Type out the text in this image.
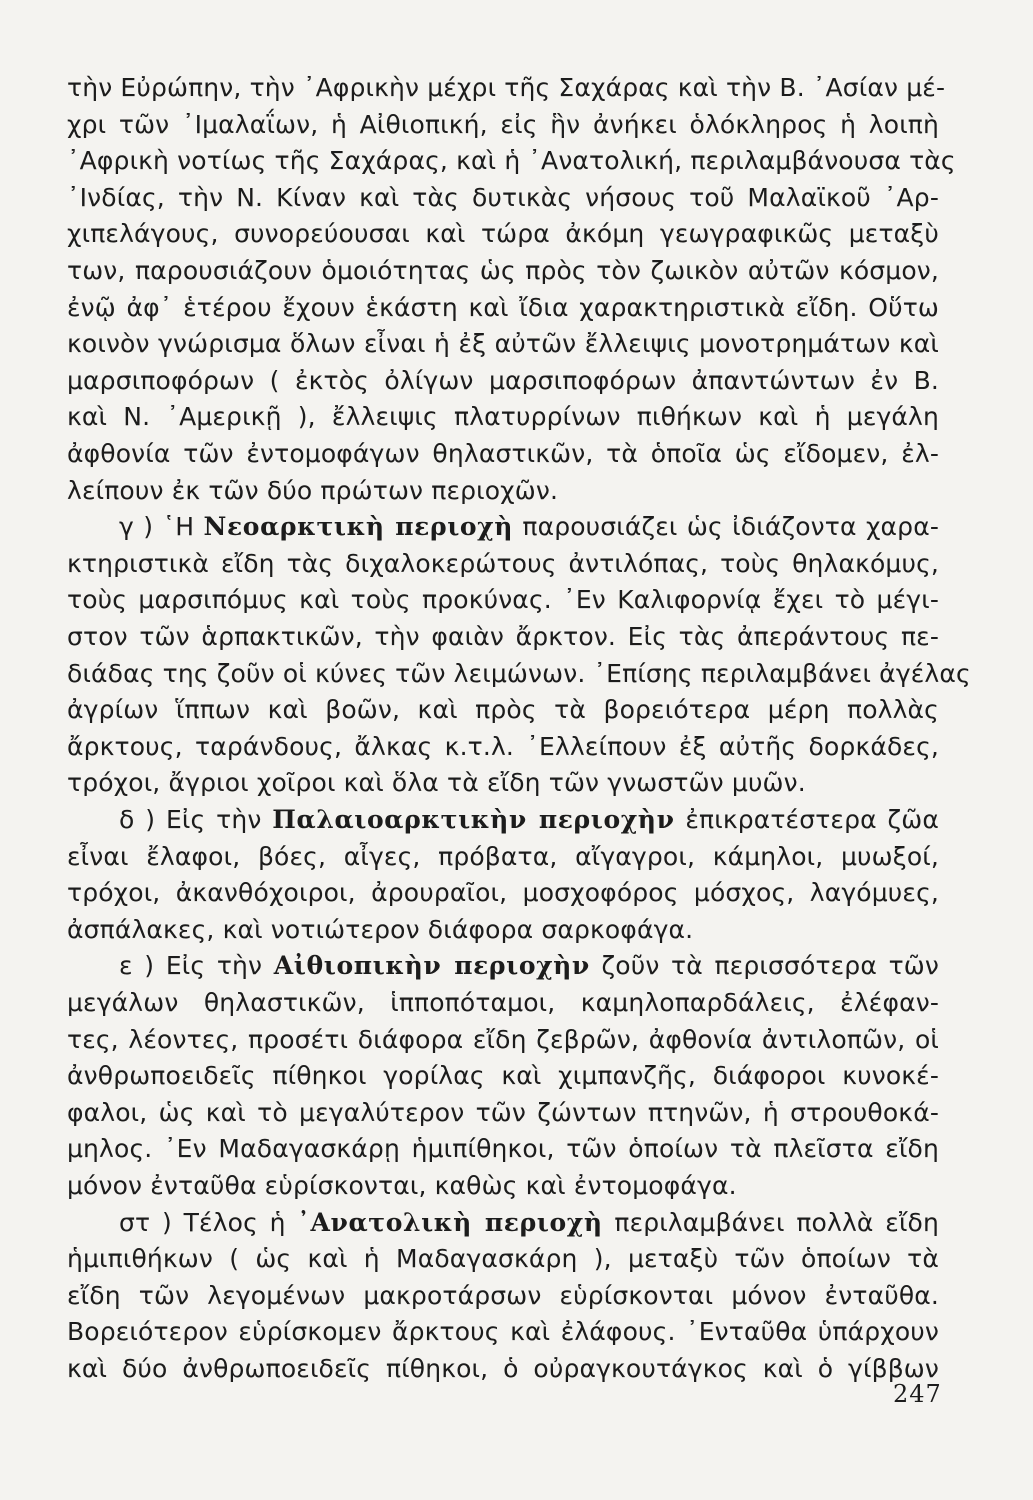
τὴν Εὐρώπην, τὴν ᾿Αφρικὴν μέχρι τῆς Σαχάρας καὶ τὴν Β. ᾿Ασίαν μέ-
χρι τῶν ᾿Ιμαλαΐων, ἡ Αἰθιοπική, εἰς ἣν ἀνήκει ὁλόκληρος ἡ λοιπὴ
᾿Αφρικὴ νοτίως τῆς Σαχάρας, καὶ ἡ ᾿Ανατολική, περιλαμβάνουσα τὰς
᾿Ινδίας, τὴν Ν. Κίναν καὶ τὰς δυτικὰς νήσους τοῦ Μαλαϊκοῦ ᾿Αρ-
χιπελάγους, συνορεύουσαι καὶ τώρα ἀκόμη γεωγραφικῶς μεταξὺ
των, παρουσιάζουν ὁμοιότητας ὡς πρὸς τὸν ζωικὸν αὐτῶν κόσμον,
ἐνῷ ἀφ᾿ ἑτέρου ἔχουν ἑκάστη καὶ ἴδια χαρακτηριστικὰ εἴδη. Οὕτω
κοινὸν γνώρισμα ὅλων εἶναι ἡ ἐξ αὐτῶν ἔλλειψις μονοτρημάτων καὶ
μαρσιποφόρων ( ἐκτὸς ὀλίγων μαρσιποφόρων ἀπαντώντων ἐν Β.
καὶ Ν. ᾿Αμερικῇ ), ἔλλειψις πλατυρρίνων πιθήκων καὶ ἡ μεγάλη
ἀφθονία τῶν ἐντομοφάγων θηλαστικῶν, τὰ ὁποῖα ὡς εἴδομεν, ἐλ-
λείπουν ἐκ τῶν δύο πρώτων περιοχῶν.
γ ) ῾Η Νεοαρκτικὴ περιοχὴ παρουσιάζει ὡς ἰδιάζοντα χαρα-
κτηριστικὰ εἴδη τὰς διχαλοκερώτους ἀντιλόπας, τοὺς θηλακόμυς,
τοὺς μαρσιπόμυς καὶ τοὺς προκύνας. ᾿Εν Καλιφορνίᾳ ἔχει τὸ μέγι-
στον τῶν ἁρπακτικῶν, τὴν φαιὰν ἄρκτον. Εἰς τὰς ἀπεράντους πε-
διάδας της ζοῦν οἱ κύνες τῶν λειμώνων. ᾿Επίσης περιλαμβάνει ἀγέλας
ἀγρίων ἵππων καὶ βοῶν, καὶ πρὸς τὰ βορειότερα μέρη πολλὰς
ἄρκτους, ταράνδους, ἄλκας κ.τ.λ. ᾿Ελλείπουν ἐξ αὐτῆς δορκάδες,
τρόχοι, ἄγριοι χοῖροι καὶ ὅλα τὰ εἴδη τῶν γνωστῶν μυῶν.
δ ) Εἰς τὴν Παλαιοαρκτικὴν περιοχὴν ἐπικρατέστερα ζῶα
εἶναι ἔλαφοι, βόες, αἶγες, πρόβατα, αἴγαγροι, κάμηλοι, μυωξοί,
τρόχοι, ἀκανθόχοιροι, ἀρουραῖοι, μοσχοφόρος μόσχος, λαγόμυες,
ἀσπάλακες, καὶ νοτιώτερον διάφορα σαρκοφάγα.
ε ) Εἰς τὴν Αἰθιοπικὴν περιοχὴν ζοῦν τὰ περισσότερα τῶν
μεγάλων θηλαστικῶν, ἱπποπόταμοι, καμηλοπαρδάλεις, ἐλέφαν-
τες, λέοντες, προσέτι διάφορα εἴδη ζεβρῶν, ἀφθονία ἀντιλοπῶν, οἱ
ἀνθρωποειδεῖς πίθηκοι γορίλας καὶ χιμπανζῆς, διάφοροι κυνοκέ-
φαλοι, ὡς καὶ τὸ μεγαλύτερον τῶν ζώντων πτηνῶν, ἡ στρουθοκά-
μηλος. ᾿Εν Μαδαγασκάρῃ ἡμιπίθηκοι, τῶν ὁποίων τὰ πλεῖστα εἴδη
μόνον ἐνταῦθα εὑρίσκονται, καθὼς καὶ ἐντομοφάγα.
στ ) Τέλος ἡ ᾿Ανατολικὴ περιοχὴ περιλαμβάνει πολλὰ εἴδη
ἡμιπιθήκων ( ὡς καὶ ἡ Μαδαγασκάρη ), μεταξὺ τῶν ὁποίων τὰ
εἴδη τῶν λεγομένων μακροτάρσων εὑρίσκονται μόνον ἐνταῦθα.
Βορειότερον εὑρίσκομεν ἄρκτους καὶ ἐλάφους. ᾿Ενταῦθα ὑπάρχουν
καὶ δύο ἀνθρωποειδεῖς πίθηκοι, ὁ οὐραγκουτάγκος καὶ ὁ γίββων
247
